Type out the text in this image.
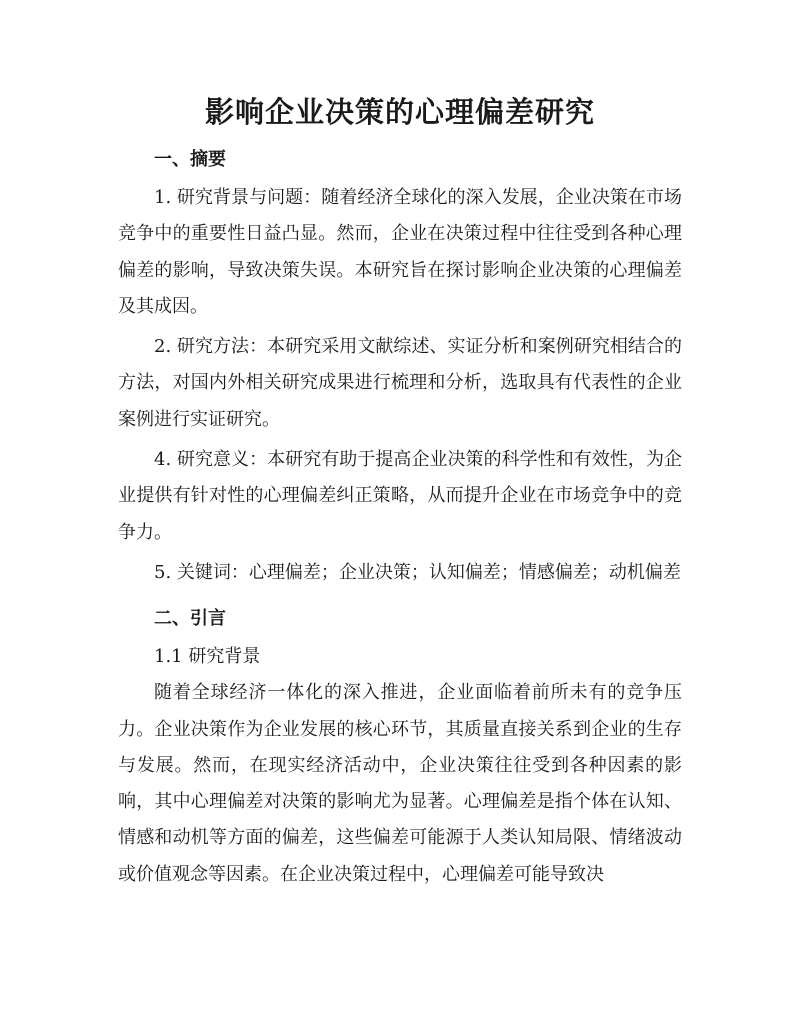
影响企业决策的心理偏差研究
一、摘要

1. 研究背景与问题：随着经济全球化的深入发展，企业决策在市场竞争中的重要性日益凸显。然而，企业在决策过程中往往受到各种心理偏差的影响，导致决策失误。本研究旨在探讨影响企业决策的心理偏差及其成因。

2. 研究方法：本研究采用文献综述、实证分析和案例研究相结合的方法，对国内外相关研究成果进行梳理和分析，选取具有代表性的企业案例进行实证研究。

4. 研究意义：本研究有助于提高企业决策的科学性和有效性，为企业提供有针对性的心理偏差纠正策略，从而提升企业在市场竞争中的竞争力。

5. 关键词：心理偏差；企业决策；认知偏差；情感偏差；动机偏差

二、引言

1.1 研究背景

随着全球经济一体化的深入推进，企业面临着前所未有的竞争压力。企业决策作为企业发展的核心环节，其质量直接关系到企业的生存与发展。然而，在现实经济活动中，企业决策往往受到各种因素的影响，其中心理偏差对决策的影响尤为显著。心理偏差是指个体在认知、情感和动机等方面的偏差，这些偏差可能源于人类认知局限、情绪波动或价值观念等因素。在企业决策过程中，心理偏差可能导致决
